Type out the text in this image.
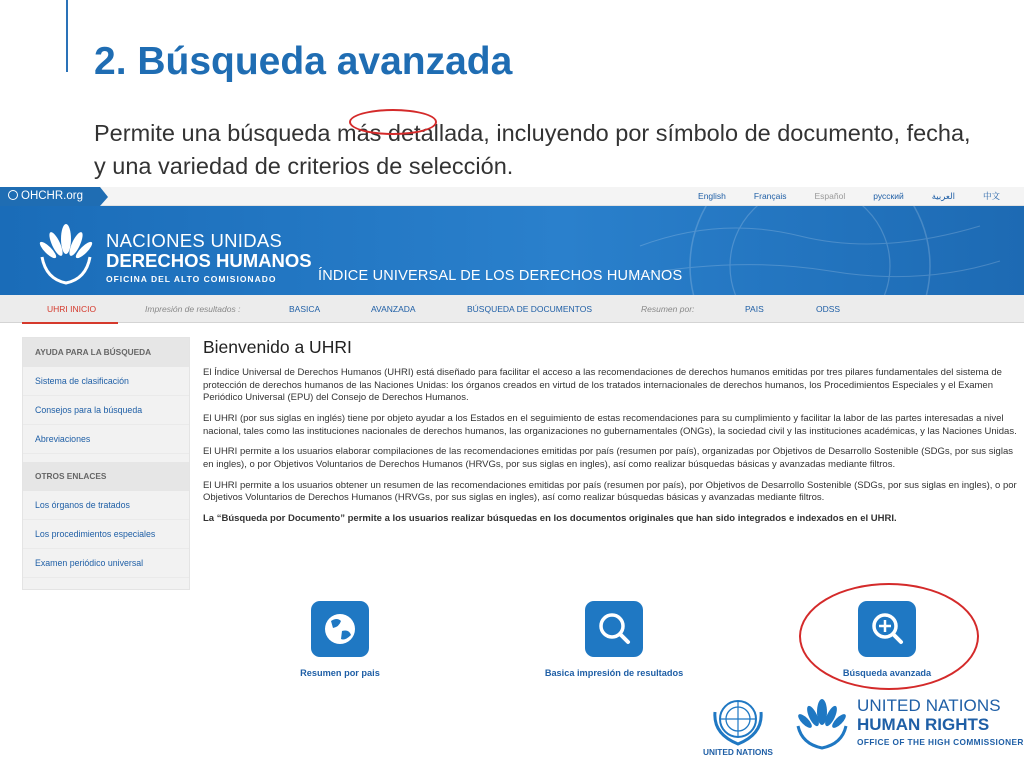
2. Búsqueda avanzada
Permite una búsqueda más detallada, incluyendo por símbolo de documento, fecha, y una variedad de criterios de selección.
OHCHR.org	English	Français	Español	русский	العربية	中文
NACIONES UNIDAS
DERECHOS HUMANOS
OFICINA DEL ALTO COMISIONADO	ÍNDICE UNIVERSAL DE LOS DERECHOS HUMANOS
UHRI INICIO	Impresión de resultados :	BASICA	AVANZADA	BÚSQUEDA DE DOCUMENTOS	Resumen por:	PAIS	ODSS
AYUDA PARA LA BÚSQUEDA
Sistema de clasificación
Consejos para la búsqueda
Abreviaciones
OTROS ENLACES
Los órganos de tratados
Los procedimientos especiales
Examen periódico universal
Bienvenido a UHRI

El Índice Universal de Derechos Humanos (UHRI) está diseñado para facilitar el acceso a las recomendaciones de derechos humanos emitidas por tres pilares fundamentales del sistema de protección de derechos humanos de las Naciones Unidas: los órganos creados en virtud de los tratados internacionales de derechos humanos, los Procedimientos Especiales y el Examen Periódico Universal (EPU) del Consejo de Derechos Humanos.

El UHRI (por sus siglas en inglés) tiene por objeto ayudar a los Estados en el seguimiento de estas recomendaciones para su cumplimiento y facilitar la labor de las partes interesadas a nivel nacional, tales como las instituciones nacionales de derechos humanos, las organizaciones no gubernamentales (ONGs), la sociedad civil y las instituciones académicas, y las Naciones Unidas.

El UHRI permite a los usuarios elaborar compilaciones de las recomendaciones emitidas por país (resumen por país), organizadas por Objetivos de Desarrollo Sostenible (SDGs, por sus siglas en ingles), o por Objetivos Voluntarios de Derechos Humanos (HRVGs, por sus siglas en ingles), así como realizar búsquedas básicas y avanzadas mediante filtros.

El UHRI permite a los usuarios obtener un resumen de las recomendaciones emitidas por país (resumen por país), por Objetivos de Desarrollo Sostenible (SDGs, por sus siglas en ingles), o por Objetivos Voluntarios de Derechos Humanos (HRVGs, por sus siglas en ingles), así como realizar búsquedas básicas y avanzadas mediante filtros.

La “Búsqueda por Documento” permite a los usuarios realizar búsquedas en los documentos originales que han sido integrados e indexados en el UHRI.

Resumen por pais	Basica impresión de resultados	Búsqueda avanzada
UNITED NATIONS
UNITED NATIONS
HUMAN RIGHTS
OFFICE OF THE HIGH COMMISSIONER
